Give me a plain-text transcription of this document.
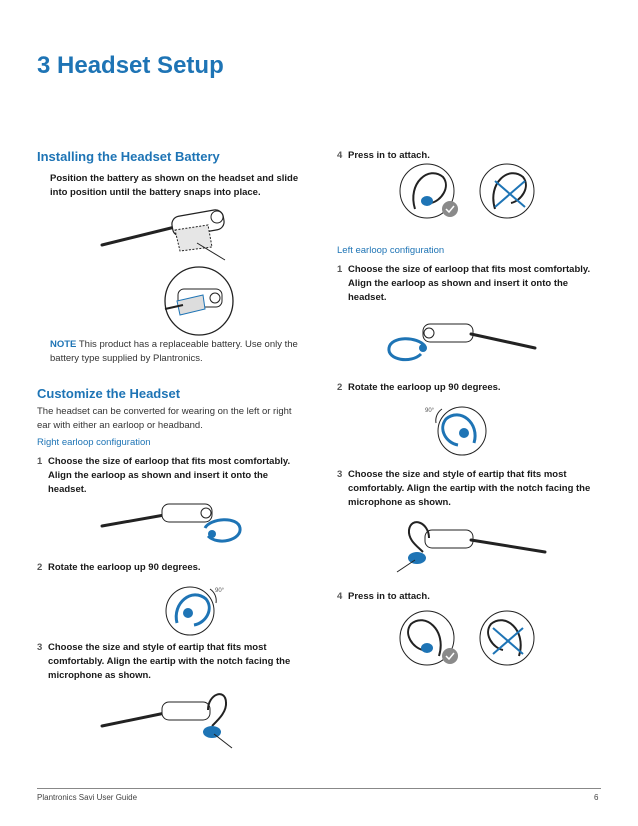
3 Headset Setup
Installing the Headset Battery
Position the battery as shown on the headset and slide into position until the battery snaps into place.
NOTE This product has a replaceable battery. Use only the battery type supplied by Plantronics.
Customize the Headset
The headset can be converted for wearing on the left or right ear with either an earloop or headband.
Right earloop configuration
1 Choose the size of earloop that fits most comfortably. Align the earloop as shown and insert it onto the headset.
2 Rotate the earloop up 90 degrees.
90°
3 Choose the size and style of eartip that fits most comfortably. Align the eartip with the notch facing the microphone as shown.
4 Press in to attach.
Left earloop configuration
1 Choose the size of earloop that fits most comfortably. Align the earloop as shown and insert it onto the headset.
2 Rotate the earloop up 90 degrees.
90°
3 Choose the size and style of eartip that fits most comfortably. Align the eartip with the notch facing the microphone as shown.
4 Press in to attach.
Plantronics Savi User Guide	6
